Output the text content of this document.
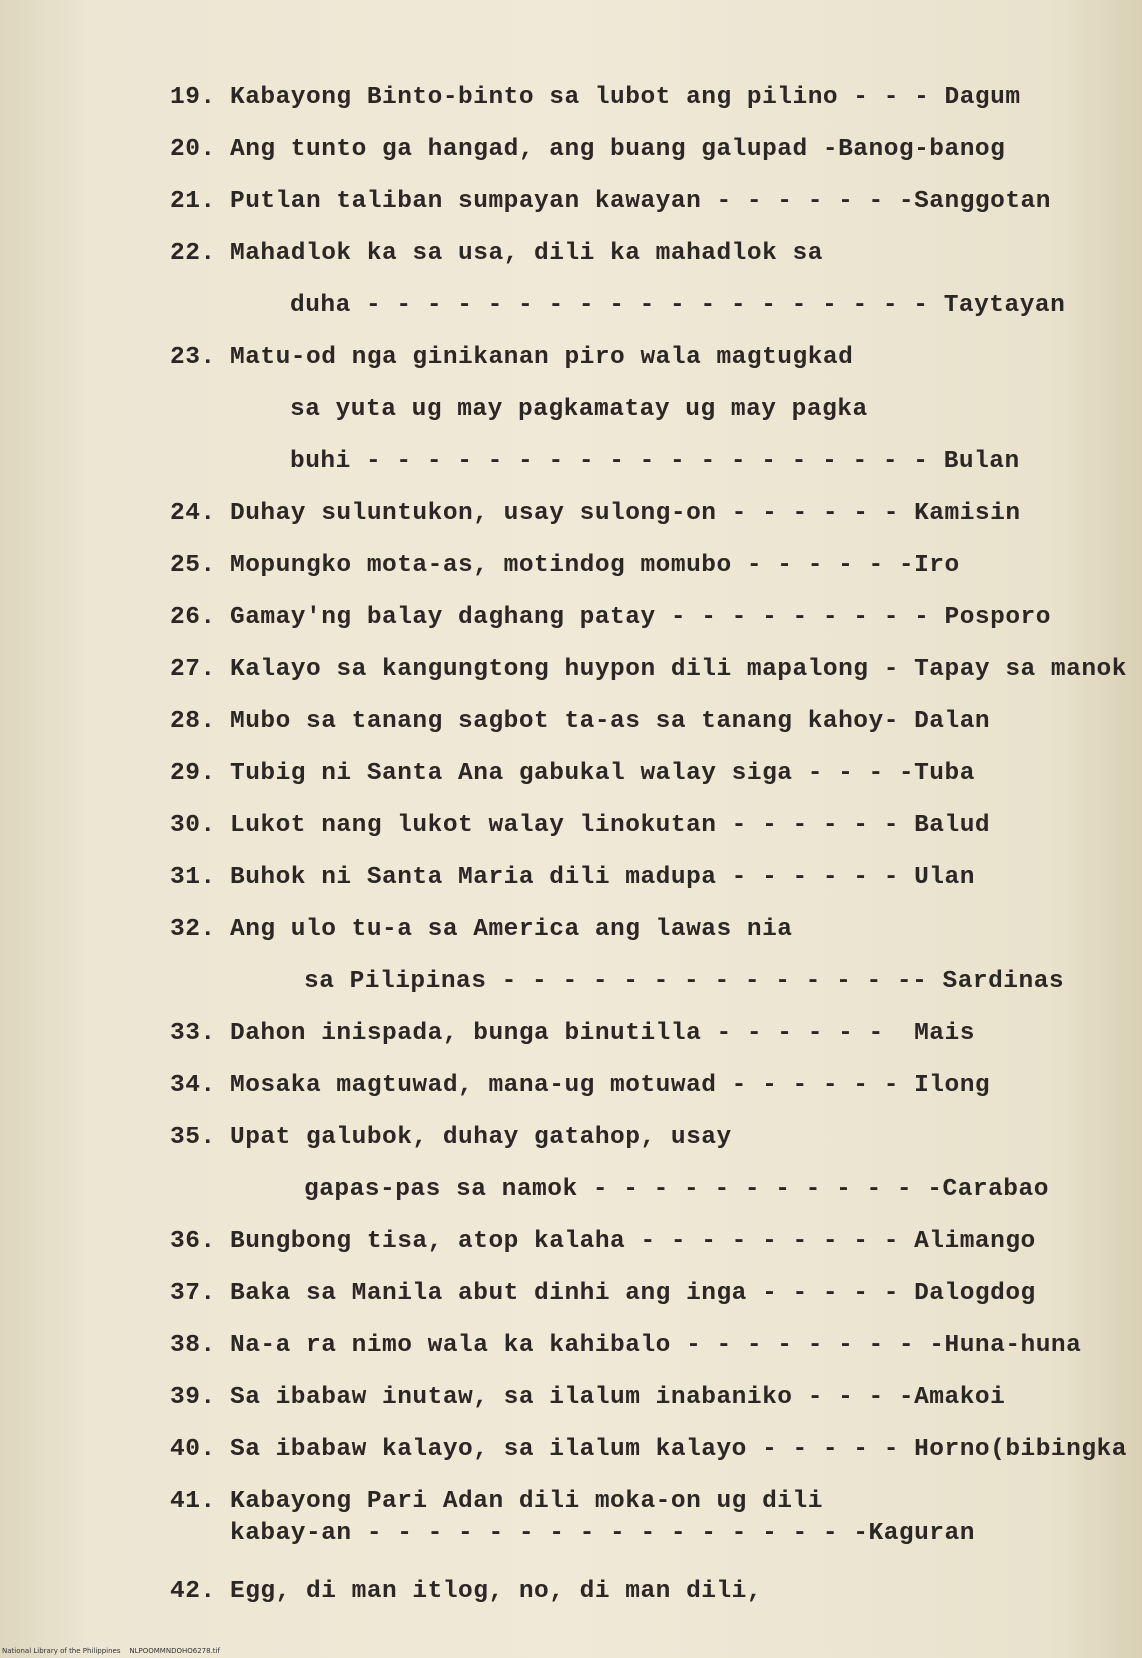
19. Kabayong Binto-binto sa lubot ang pilino - - - Dagum
20. Ang tunto ga hangad, ang buang galupad -Banog-banog
21. Putlan taliban sumpayan kawayan - - - - - - -Sanggotan
22. Mahadlok ka sa usa, dili ka mahadlok sa
duha - - - - - - - - - - - - - - - - - - - Taytayan
23. Matu-od nga ginikanan piro wala magtugkad
sa yuta ug may pagkamatay ug may pagka
buhi - - - - - - - - - - - - - - - - - - - Bulan
24. Duhay suluntukon, usay sulong-on - - - - - - Kamisin
25. Mopungko mota-as, motindog momubo - - - - - -Iro
26. Gamay'ng balay daghang patay - - - - - - - - - Posporo
27. Kalayo sa kangungtong huypon dili mapalong - Tapay sa manok
28. Mubo sa tanang sagbot ta-as sa tanang kahoy- Dalan
29. Tubig ni Santa Ana gabukal walay siga - - - -Tuba
30. Lukot nang lukot walay linokutan - - - - - - Balud
31. Buhok ni Santa Maria dili madupa - - - - - - Ulan
32. Ang ulo tu-a sa America ang lawas nia
sa Pilipinas - - - - - - - - - - - - - -- Sardinas
33. Dahon inispada, bunga binutilla - - - - - -  Mais
34. Mosaka magtuwad, mana-ug motuwad - - - - - - Ilong
35. Upat galubok, duhay gatahop, usay
gapas-pas sa namok - - - - - - - - - - - -Carabao
36. Bungbong tisa, atop kalaha - - - - - - - - - Alimango
37. Baka sa Manila abut dinhi ang inga - - - - - Dalogdog
38. Na-a ra nimo wala ka kahibalo - - - - - - - - -Huna-huna
39. Sa ibabaw inutaw, sa ilalum inabaniko - - - -Amakoi
40. Sa ibabaw kalayo, sa ilalum kalayo - - - - - Horno(bibingka
41. Kabayong Pari Adan dili moka-on ug dili
kabay-an - - - - - - - - - - - - - - - - -Kaguran
42. Egg, di man itlog, no, di man dili,
National Library of the Philippines    NLPOOMMNDOHO6278.tif
